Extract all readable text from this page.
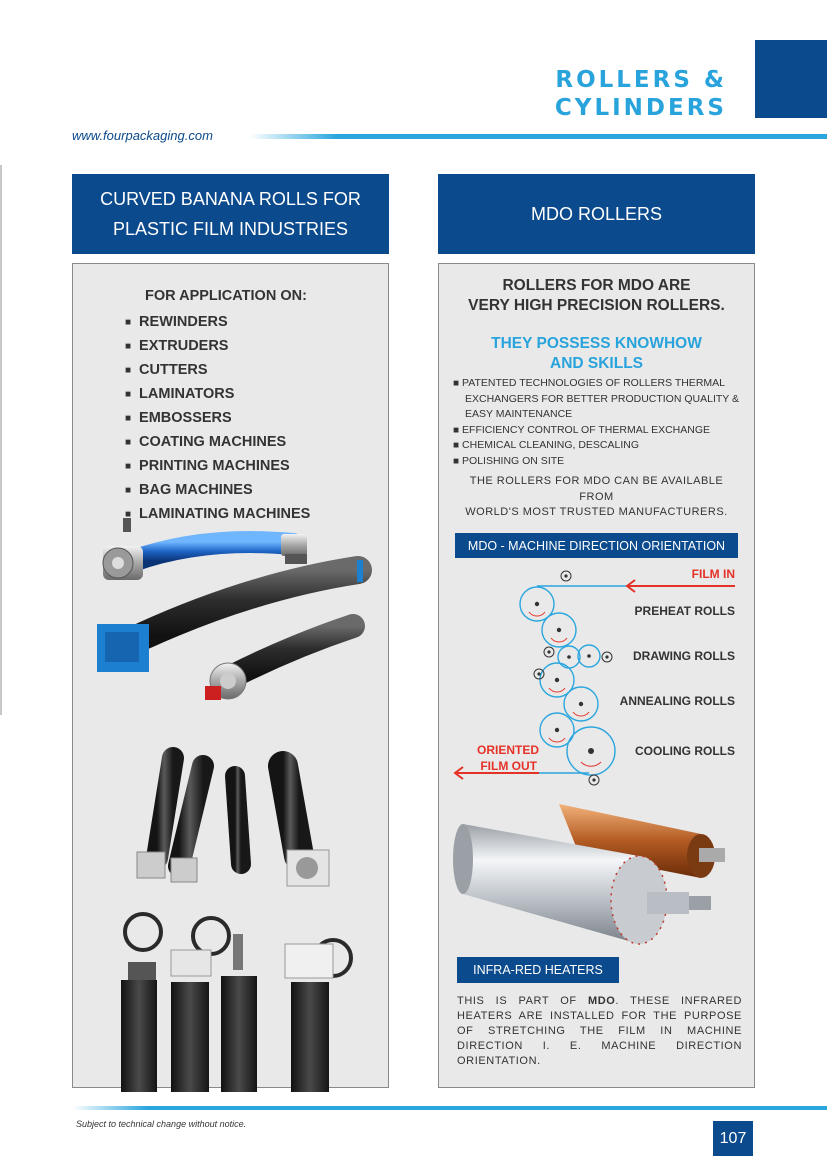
ROLLERS &
CYLINDERS
www.fourpackaging.com
CURVED BANANA ROLLS FOR
PLASTIC FILM INDUSTRIES
FOR APPLICATION ON:
■ REWINDERS
■ EXTRUDERS
■ CUTTERS
■ LAMINATORS
■ EMBOSSERS
■ COATING MACHINES
■ PRINTING MACHINES
■ BAG MACHINES
■ LAMINATING MACHINES
MDO ROLLERS
ROLLERS FOR MDO ARE
VERY HIGH PRECISION ROLLERS.
THEY POSSESS KNOWHOW
AND SKILLS
■ PATENTED TECHNOLOGIES OF ROLLERS THERMAL EXCHANGERS FOR BETTER PRODUCTION QUALITY & EASY MAINTENANCE
■ EFFICIENCY CONTROL OF THERMAL EXCHANGE
■ CHEMICAL CLEANING, DESCALING
■ POLISHING ON SITE
THE ROLLERS FOR MDO CAN BE AVAILABLE
FROM
WORLD'S MOST TRUSTED MANUFACTURERS.
MDO - MACHINE DIRECTION ORIENTATION
FILM IN
PREHEAT ROLLS
DRAWING ROLLS
ANNEALING ROLLS
COOLING ROLLS
ORIENTED
FILM OUT
INFRA-RED HEATERS

THIS IS PART OF MDO. THESE INFRARED HEATERS ARE INSTALLED FOR THE PURPOSE OF STRETCHING THE FILM IN MACHINE DIRECTION I. E. MACHINE DIRECTION ORIENTATION.

Subject to technical change without notice.
107
